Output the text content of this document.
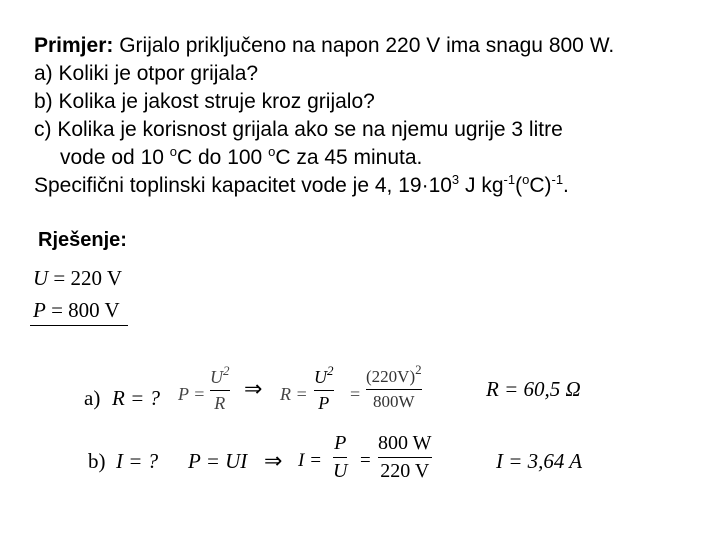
Primjer: Grijalo priključeno na napon 220 V ima snagu 800 W.
a) Koliki je otpor grijala?
b) Kolika je jakost struje kroz grijalo?
c) Kolika je korisnost grijala ako se na njemu ugrije 3 litre
vode od 10 $^o$C do 100 $^o$C za 45 minuta.
Specifični toplinski kapacitet vode je 4, $19\cdot 10^3$ J $kg^{-1}(^oC)^{-1}$.
Rješenje:
U = 220 V
P = 800 V
a) R = ? P =
$U^2$
R
⇒ R =
$U^2$
P =
$(220V)^2$
800W
R = 60,5 Ω
b) I = ? P = UI ⇒ I =
P
U =
800 W
220 V	I = 3,64 A
